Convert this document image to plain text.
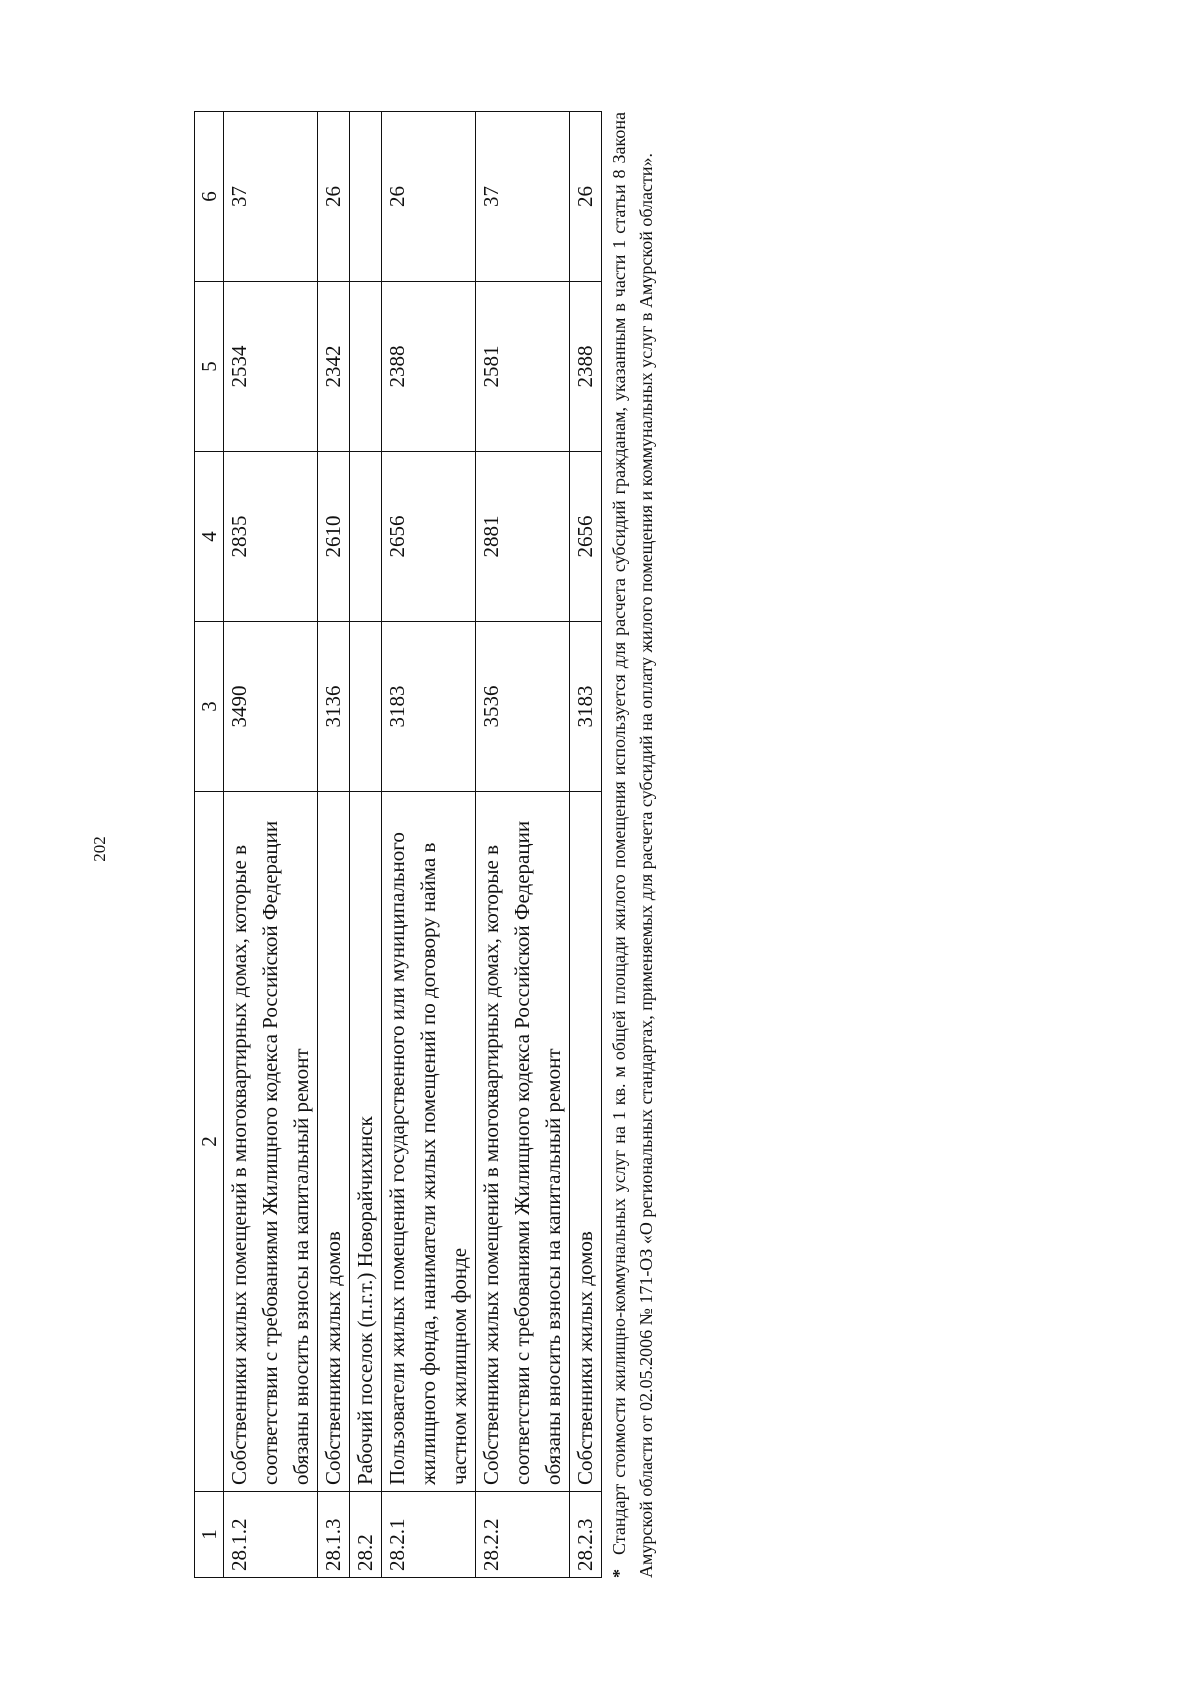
202
1	2	3	4	5	6
28.1.2	Собственники жилых помещений в многоквартирных домах, которые в соответствии с требованиями Жилищного кодекса Российской Федерации обязаны вносить взносы на капитальный ремонт	3490	2835	2534	37
28.1.3	Собственники жилых домов	3136	2610	2342	26
28.2	Рабочий поселок (п.г.т.) Новорайчихинск				
28.2.1	Пользователи жилых помещений государственного или муниципального жилищного фонда, наниматели жилых помещений по договору найма в частном жилищном фонде	3183	2656	2388	26
28.2.2	Собственники жилых помещений в многоквартирных домах, которые в соответствии с требованиями Жилищного кодекса Российской Федерации обязаны вносить взносы на капитальный ремонт	3536	2881	2581	37
28.2.3	Собственники жилых домов	3183	2656	2388	26
*Стандарт стоимости жилищно-коммунальных услуг на 1 кв. м общей площади жилого помещения используется для расчета субсидий гражданам, указанным в части 1 статьи 8 Закона Амурской области от 02.05.2006 № 171-ОЗ «О региональных стандартах, применяемых для расчета субсидий на оплату жилого помещения и коммунальных услуг в Амурской области».
